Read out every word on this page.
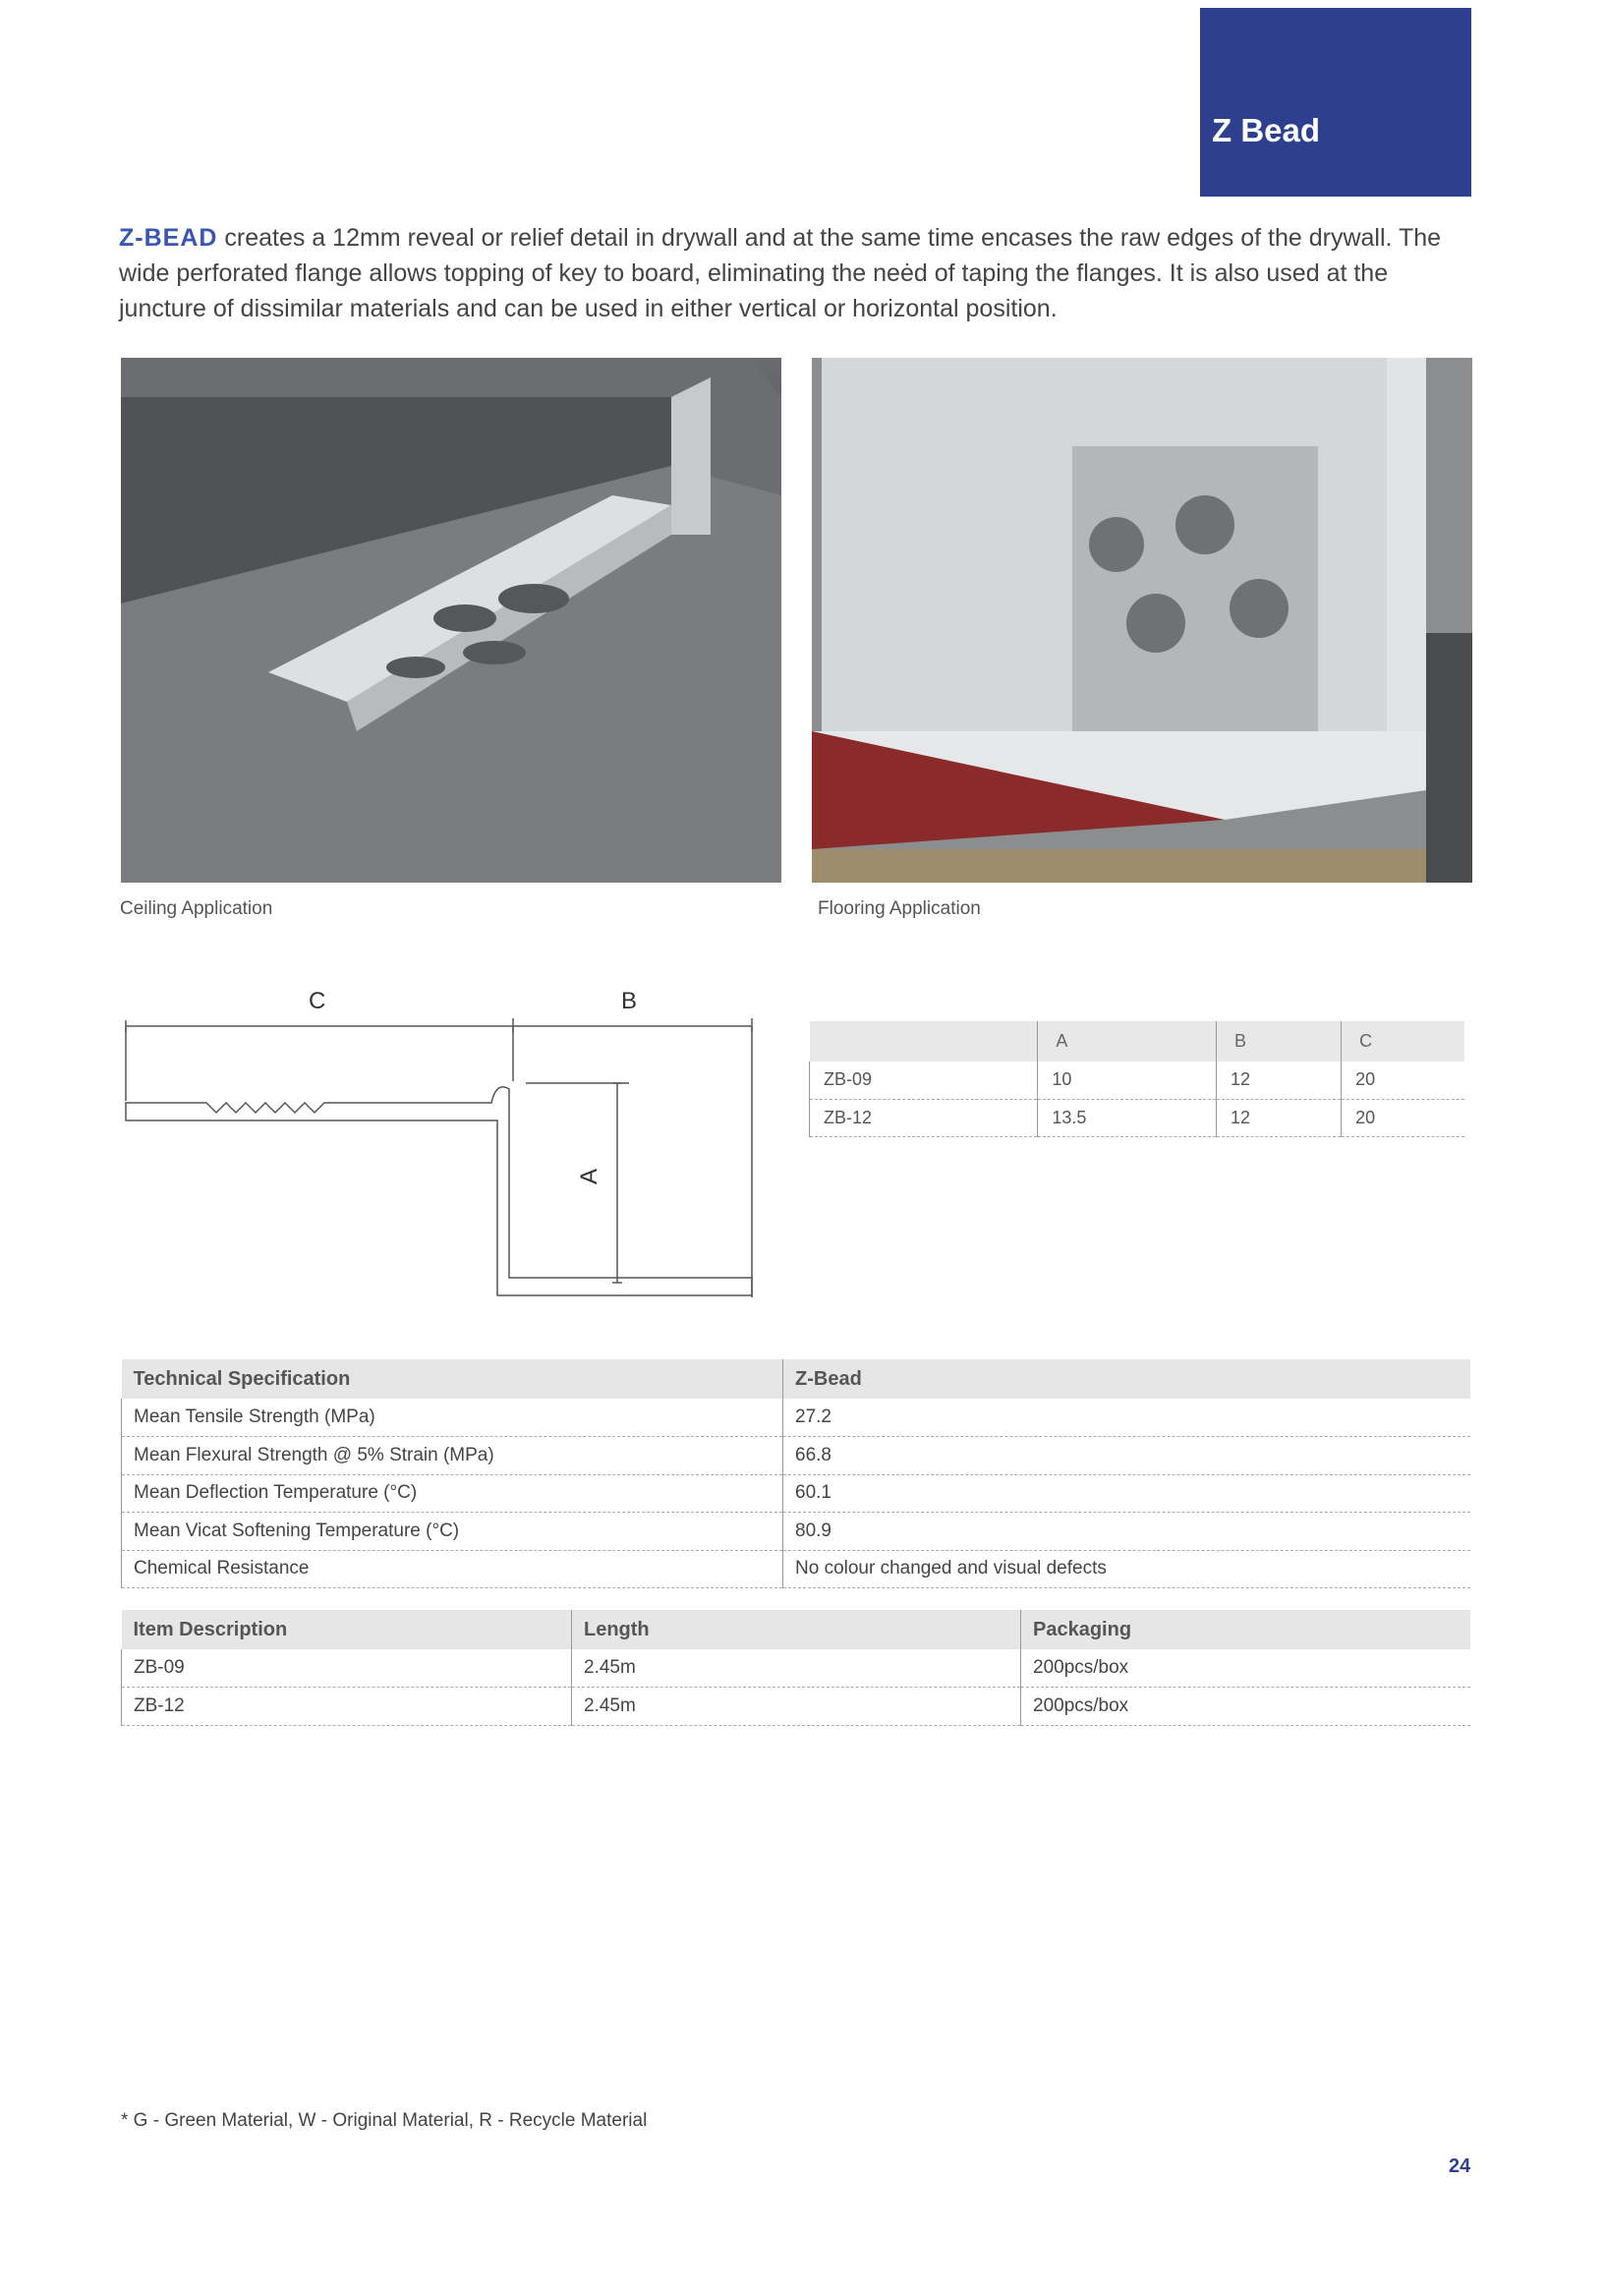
Z Bead

Z-BEAD creates a 12mm reveal or relief detail in drywall and at the same time encases the raw edges of the drywall. The wide perforated flange allows topping of key to board, eliminating the neėd of taping the flanges. It is also used at the juncture of dissimilar materials and can be used in either vertical or horizontal position.

Ceiling Application	Flooring Application
C	B
A
	A	B	C
ZB-09	10	12	20
ZB-12	13.5	12	20
Technical Specification	Z-Bead
Mean Tensile Strength (MPa)	27.2
Mean Flexural Strength @ 5% Strain (MPa)	66.8
Mean Deflection Temperature (°C)	60.1
Mean Vicat Softening Temperature (°C)	80.9
Chemical Resistance	No colour changed and visual defects
Item Description	Length	Packaging
ZB-09	2.45m	200pcs/box
ZB-12	2.45m	200pcs/box
* G - Green Material, W - Original Material, R - Recycle Material
24
